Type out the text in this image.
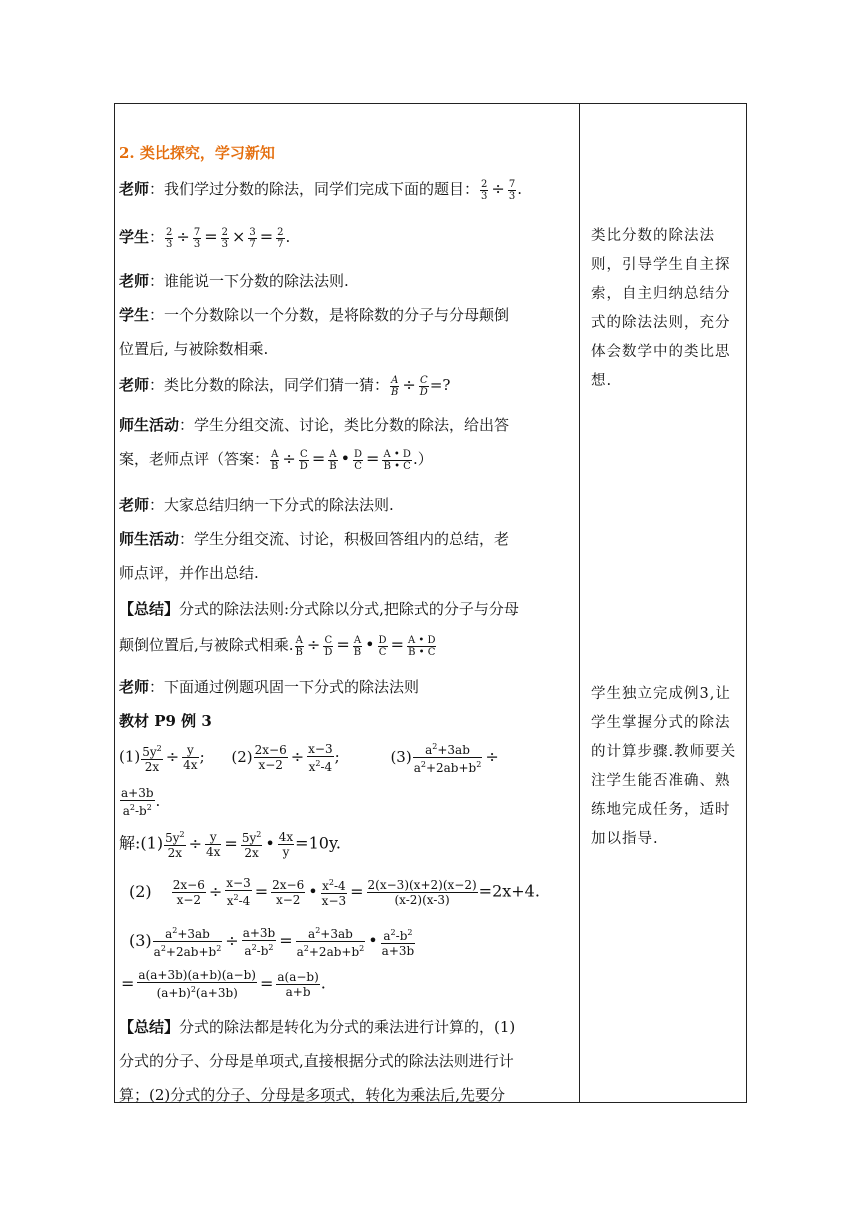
2. 类比探究，学习新知
老师：我们学过分数的除法，同学们完成下面的题目： $\frac{2}{3} \div \frac{7}{3}$ .
学生： $\frac{2}{3} \div \frac{7}{3} = \frac{2}{3} \times \frac{3}{7} = \frac{2}{7}$ .
老师：谁能说一下分数的除法法则.
学生：一个分数除以一个分数，是将除数的分子与分母颠倒
位置后, 与被除数相乘.
老师：类比分数的除法，同学们猜一猜： $\frac{A}{B} \div \frac{C}{D}$ =?
师生活动：学生分组交流、讨论，类比分数的除法，给出答
案，老师点评（答案： $\frac{A}{B} \div \frac{C}{D} = \frac{A}{B}$ • $\frac{D}{C} = \frac{A • D}{B • C}$ .）
老师：大家总结归纳一下分式的除法法则.
师生活动：学生分组交流、讨论，积极回答组内的总结，老
师点评，并作出总结.
【总结】分式的除法法则:分式除以分式,把除式的分子与分母
颠倒位置后,与被除式相乘. $\frac{A}{B} \div \frac{C}{D} = \frac{A}{B}$ • $\frac{D}{C} = \frac{A • D}{B • C}$
老师：下面通过例题巩固一下分式的除法法则
教材 P9 例 3
$(1) \frac{5y^2}{2x} \div \frac{y}{4x}$ ; $(2) \frac{2x-6}{x-2} \div \frac{x-3}{x^2-4}$ ;	$(3) \frac{a^2+3ab}{a^2+2ab+b^2}$ ÷
$\frac{a+3b}{a^2-b^2}$ .
解:(1) $\frac{5y^2}{2x} \div \frac{y}{4x} = \frac{5y^2}{2x}$ • $\frac{4x}{y} =10y$.
$(2) \frac{2x-6}{x-2} \div \frac{x-3}{x^2-4} = \frac{2x-6}{x-2}$ • $\frac{x^2-4}{x-3} = \frac{2(x-3)(x+2)(x-2)}{(x-2)(x-3)} =2x+4$.
$(3) \frac{a^2+3ab}{a^2+2ab+b^2} \div \frac{a+3b}{a^2-b^2} = \frac{a^2+3ab}{a^2+2ab+b^2}$ • $\frac{a^2-b^2}{a+3b}$
= $\frac{a(a+3b)(a+b)(a-b)}{(a+b)^2(a+3b)} = \frac{a(a-b)}{a+b}$ .
【总结】分式的除法都是转化为分式的乘法进行计算的，(1)
分式的分子、分母是单项式,直接根据分式的除法法则进行计
算；(2)分式的分子、分母是多项式，转化为乘法后,先要分
类比分数的除法法则，引导学生自主探索，自主归纳总结分式的除法法则，充分体会数学中的类比思想.
学生独立完成例3,让学生掌握分式的除法的计算步骤.教师要关注学生能否准确、熟练地完成任务，适时加以指导.
